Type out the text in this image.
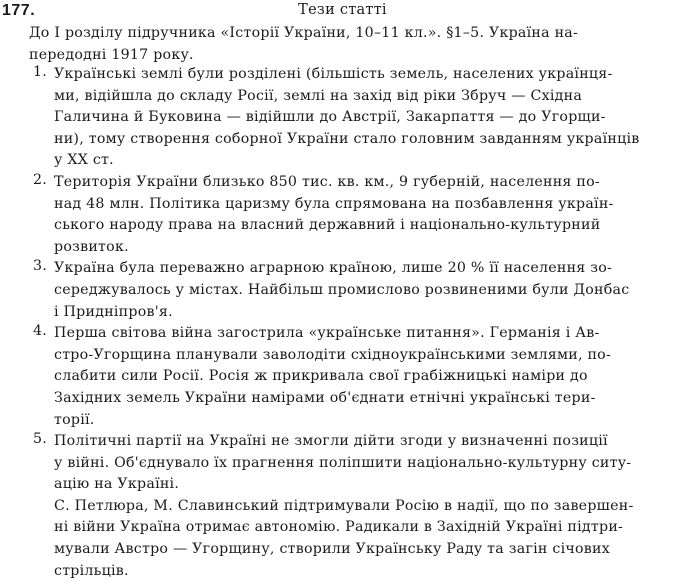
177.	Тези статті
До І розділу підручника «Історії України, 10–11 кл.». §1–5. Україна на-
передодні 1917 року.
1. Українські землі були розділені (більшість земель, населених українця-
ми, відійшла до складу Росії, землі на захід від ріки Збруч — Східна
Галичина й Буковина — відійшли до Австрії, Закарпаття — до Угорщи-
ни), тому створення соборної України стало головним завданням українців
у XX ст.
2. Територія України близько 850 тис. кв. км., 9 губерній, населення по-
над 48 млн. Політика царизму була спрямована на позбавлення україн-
ського народу права на власний державний і національно-культурний
розвиток.
3. Україна була переважно аграрною країною, лише 20 % її населення зо-
середжувалось у містах. Найбільш промислово розвиненими були Донбас
і Придніпров'я.
4. Перша світова війна загострила «українське питання». Германія і Ав-
стро-Угорщина планували заволодіти східноукраїнськими землями, по-
слабити сили Росії. Росія ж прикривала свої грабіжницькі наміри до
Західних земель України намірами об'єднати етнічні українські тери-
торії.
5. Політичні партії на Україні не змогли дійти згоди у визначенні позиції
у війні. Об'єднувало їх прагнення поліпшити національно-культурну ситу-
ацію на Україні.
С. Петлюра, М. Славинський підтримували Росію в надії, що по завершен-
ні війни Україна отримає автономію. Радикали в Західній Україні підтри-
мували Австро — Угорщину, створили Українську Раду та загін січових
стрільців.
